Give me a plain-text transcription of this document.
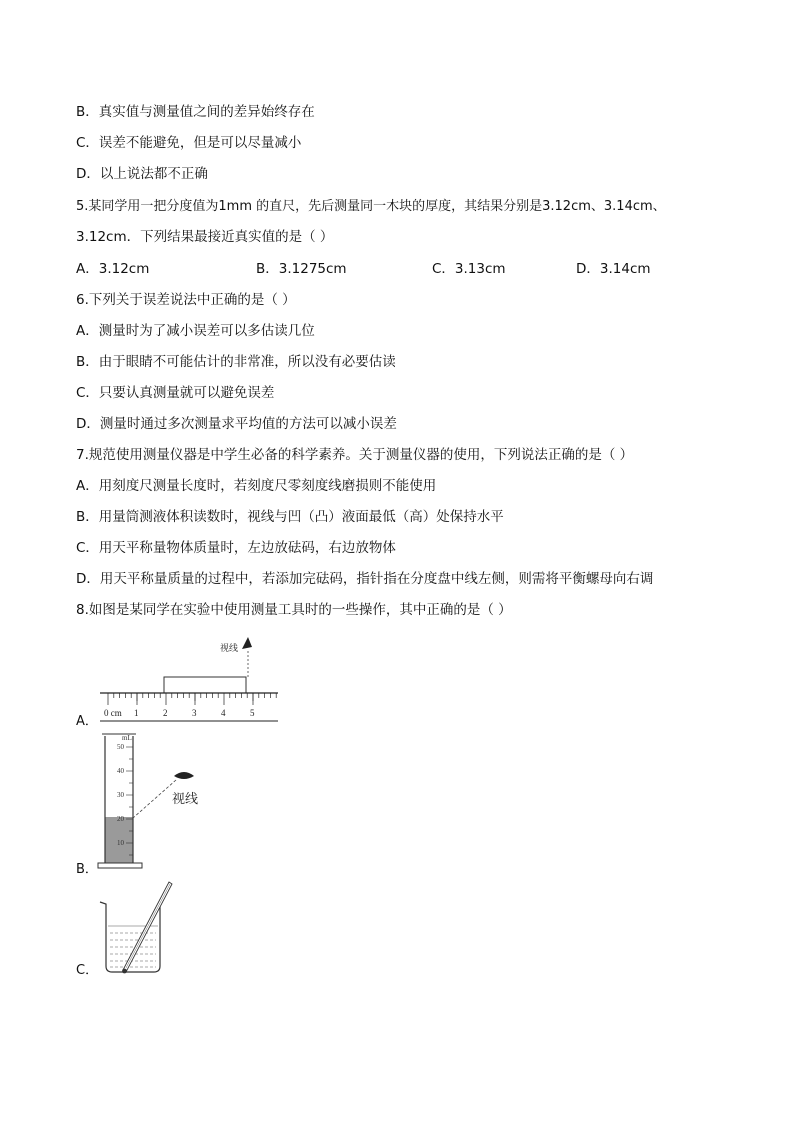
B．真实值与测量值之间的差异始终存在
C．误差不能避免，但是可以尽量减小
D．以上说法都不正确
5.某同学用一把分度值为1mm 的直尺，先后测量同一木块的厚度，其结果分别是3.12cm、3.14cm、
3.12cm．下列结果最接近真实值的是（ ）
A．3.12cm	B．3.1275cm	C．3.13cm	D．3.14cm
6.下列关于误差说法中正确的是（ ）
A．测量时为了减小误差可以多估读几位
B．由于眼睛不可能估计的非常准，所以没有必要估读
C．只要认真测量就可以避免误差
D．测量时通过多次测量求平均值的方法可以减小误差
7.规范使用测量仪器是中学生必备的科学素养。关于测量仪器的使用，下列说法正确的是（ ）
A．用刻度尺测量长度时，若刻度尺零刻度线磨损则不能使用
B．用量筒测液体积读数时，视线与凹（凸）液面最低（高）处保持水平
C．用天平称量物体质量时，左边放砝码，右边放物体
D．用天平称量质量的过程中，若添加完砝码，指针指在分度盘中线左侧，则需将平衡螺母向右调
8.如图是某同学在实验中使用测量工具时的一些操作，其中正确的是（ ）
A．
视线
0 cm 1	2	3	4	5
B．
mL
50
40
30
20
10
视线
C．
